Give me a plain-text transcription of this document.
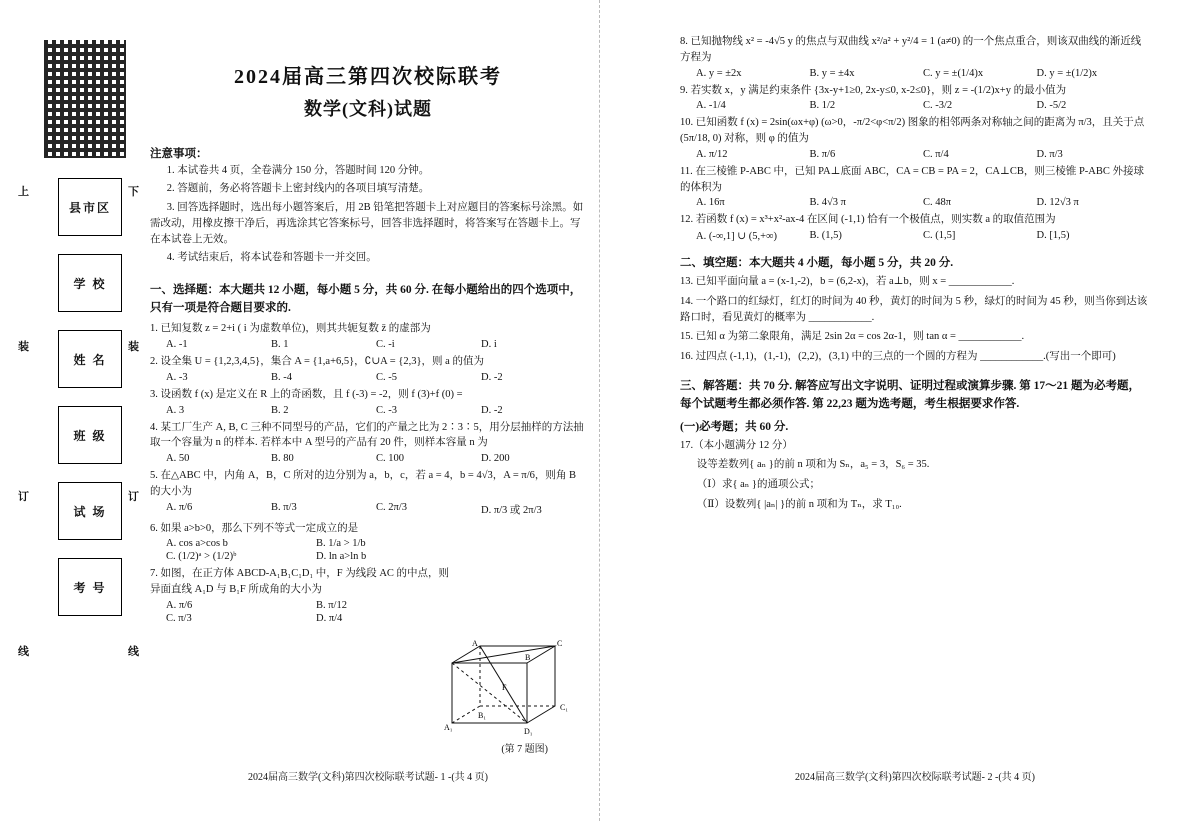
县市区
学 校
姓 名
班 级
试 场
考 号
上	下
装	装
订	订
线	线
2024届高三第四次校际联考
数学(文科)试题
注意事项：
1. 本试卷共 4 页，全卷满分 150 分，答题时间 120 分钟。
2. 答题前，务必将答题卡上密封线内的各项目填写清楚。
3. 回答选择题时，选出每小题答案后，用 2B 铅笔把答题卡上对应题目的答案标号涂黑。如需改动，用橡皮擦干净后，再选涂其它答案标号，回答非选择题时，将答案写在答题卡上。写在本试卷上无效。
4. 考试结束后，将本试卷和答题卡一并交回。
一、选择题：本大题共 12 小题，每小题 5 分，共 60 分. 在每小题给出的四个选项中，只有一项是符合题目要求的.
1. 已知复数 z = 2+i ( i 为虚数单位)，则其共轭复数 z̄ 的虚部为
A. -1	B. 1	C. -i	D. i
2. 设全集 U = {1,2,3,4,5}，集合 A = {1,a+6,5}，∁∪A = {2,3}，则 a 的值为
A. -3	B. -4	C. -5	D. -2
3. 设函数 f (x) 是定义在 R 上的奇函数，且 f (-3) = -2，则 f (3)+f (0) =
A. 3	B. 2	C. -3	D. -2
4. 某工厂生产 A, B, C 三种不同型号的产品，它们的产量之比为 2∶3∶5，用分层抽样的方法抽取一个容量为 n 的样本. 若样本中 A 型号的产品有 20 件，则样本容量 n 为
A. 50	B. 80	C. 100	D. 200
5. 在△ABC 中，内角 A，B，C 所对的边分别为 a，b，c，若 a = 4，b = 4√3，A = π/6，则角 B 的大小为
A. π/6	B. π/3	C. 2π/3	D. π/3 或 2π/3
6. 如果 a>b>0，那么下列不等式一定成立的是
A. cos a>cos b	B. 1/a > 1/b
C. (1/2)ᵃ > (1/2)ᵇ	D. ln a>ln b
7. 如图，在正方体 ABCD-A₁B₁C₁D₁ 中，F 为线段 AC 的中点，则异面直线 A₁D 与 B₁F 所成角的大小为
A. π/6	B. π/12
C. π/3	D. π/4
B
C
A
F
A₁
B₁
C₁
D₁
(第 7 题图)
2024届高三数学(文科)第四次校际联考试题- 1 -(共 4 页)
8. 已知抛物线 x² = -4√5 y 的焦点与双曲线 x²/a² + y²/4 = 1 (a≠0) 的一个焦点重合，则该双曲线的渐近线方程为
A. y = ±2x	B. y = ±4x	C. y = ±(1/4)x	D. y = ±(1/2)x
9. 若实数 x，y 满足约束条件 {3x-y+1≥0, 2x-y≤0, x-2≤0}，则 z = -(1/2)x+y 的最小值为
A. -1/4	B. 1/2	C. -3/2	D. -5/2
10. 已知函数 f (x) = 2sin(ωx+φ) (ω>0，-π/2<φ<π/2) 图象的相邻两条对称轴之间的距离为 π/3，且关于点 (5π/18, 0) 对称，则 φ 的值为
A. π/12	B. π/6	C. π/4	D. π/3
11. 在三棱锥 P-ABC 中，已知 PA⊥底面 ABC，CA = CB = PA = 2，CA⊥CB，则三棱锥 P-ABC 外接球的体积为
A. 16π	B. 4√3 π	C. 48π	D. 12√3 π
12. 若函数 f (x) = x³+x²-ax-4 在区间 (-1,1) 恰有一个极值点，则实数 a 的取值范围为
A. (-∞,1] ∪ (5,+∞)	B. (1,5)	C. (1,5]	D. [1,5)
二、填空题：本大题共 4 小题，每小题 5 分，共 20 分.
13. 已知平面向量 a = (x-1,-2)，b = (6,2-x)，若 a⊥b，则 x = ____________.
14. 一个路口的红绿灯，红灯的时间为 40 秒，黄灯的时间为 5 秒，绿灯的时间为 45 秒，则当你到达该路口时，看见黄灯的概率为 ____________.
15. 已知 α 为第二象限角，满足 2sin 2α = cos 2α-1，则 tan α = ____________.
16. 过四点 (-1,1)，(1,-1)，(2,2)，(3,1) 中的三点的一个圆的方程为 ____________.(写出一个即可)
三、解答题：共 70 分. 解答应写出文字说明、证明过程或演算步骤. 第 17～21 题为必考题，每个试题考生都必须作答. 第 22,23 题为选考题，考生根据要求作答.
(一)必考题；共 60 分.
17.（本小题满分 12 分）
设等差数列{ aₙ }的前 n 项和为 Sₙ，a₅ = 3，S₆ = 35.
（Ⅰ）求{ aₙ }的通项公式；
（Ⅱ）设数列{ |aₙ| }的前 n 项和为 Tₙ，求 T₁₀.
2024届高三数学(文科)第四次校际联考试题- 2 -(共 4 页)
